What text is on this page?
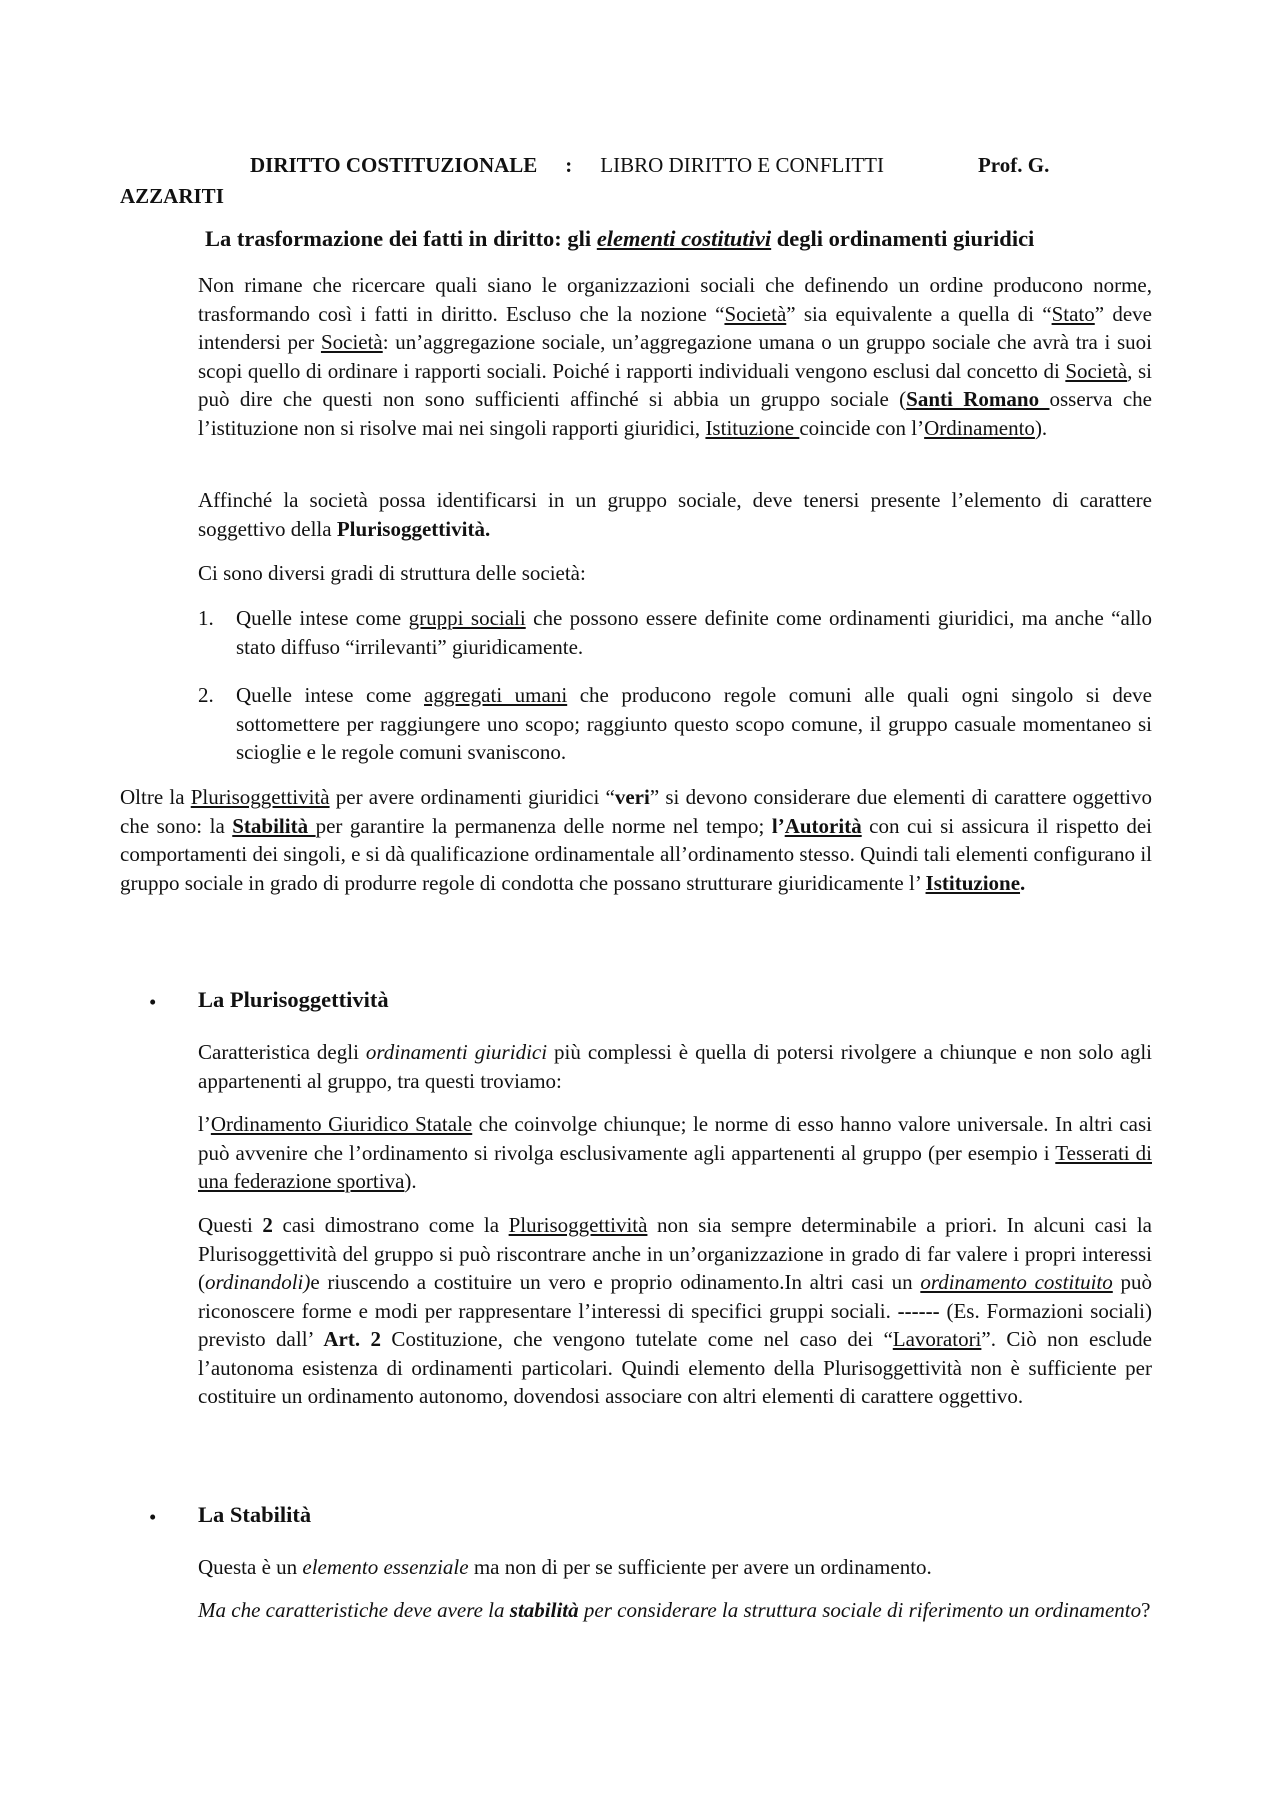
DIRITTO COSTITUZIONALE : LIBRO DIRITTO E CONFLITTI	Prof. G.
AZZARITI
La trasformazione dei fatti in diritto: gli elementi costitutivi degli ordinamenti giuridici
Non rimane che ricercare quali siano le organizzazioni sociali che definendo un ordine producono norme, trasformando così i fatti in diritto. Escluso che la nozione “Società” sia equivalente a quella di “Stato” deve intendersi per Società: un’aggregazione sociale, un’aggregazione umana o un gruppo sociale che avrà tra i suoi scopi quello di ordinare i rapporti sociali. Poiché i rapporti individuali vengono esclusi dal concetto di Società, si può dire che questi non sono sufficienti affinché si abbia un gruppo sociale (Santi Romano osserva che l’istituzione non si risolve mai nei singoli rapporti giuridici, Istituzione coincide con l’Ordinamento).
Affinché la società possa identificarsi in un gruppo sociale, deve tenersi presente l’elemento di carattere soggettivo della Plurisoggettività.
Ci sono diversi gradi di struttura delle società:
1. Quelle intese come gruppi sociali che possono essere definite come ordinamenti giuridici, ma anche “allo stato diffuso “irrilevanti” giuridicamente.
2. Quelle intese come aggregati umani che producono regole comuni alle quali ogni singolo si deve sottomettere per raggiungere uno scopo; raggiunto questo scopo comune, il gruppo casuale momentaneo si scioglie e le regole comuni svaniscono.
Oltre la Plurisoggettività per avere ordinamenti giuridici “veri” si devono considerare due elementi di carattere oggettivo che sono: la Stabilità per garantire la permanenza delle norme nel tempo; l’Autorità con cui si assicura il rispetto dei comportamenti dei singoli, e si dà qualificazione ordinamentale all’ordinamento stesso. Quindi tali elementi configurano il gruppo sociale in grado di produrre regole di condotta che possano strutturare giuridicamente l’ Istituzione.
• La Plurisoggettività
Caratteristica degli ordinamenti giuridici più complessi è quella di potersi rivolgere a chiunque e non solo agli appartenenti al gruppo, tra questi troviamo:
l’Ordinamento Giuridico Statale che coinvolge chiunque; le norme di esso hanno valore universale. In altri casi può avvenire che l’ordinamento si rivolga esclusivamente agli appartenenti al gruppo (per esempio i Tesserati di una federazione sportiva).
Questi 2 casi dimostrano come la Plurisoggettività non sia sempre determinabile a priori. In alcuni casi la Plurisoggettività del gruppo si può riscontrare anche in un’organizzazione in grado di far valere i propri interessi (ordinandoli)e riuscendo a costituire un vero e proprio odinamento.In altri casi un ordinamento costituito può riconoscere forme e modi per rappresentare l’interessi di specifici gruppi sociali. ------ (Es. Formazioni sociali) previsto dall’ Art. 2 Costituzione, che vengono tutelate come nel caso dei “Lavoratori”. Ciò non esclude l’autonoma esistenza di ordinamenti particolari. Quindi elemento della Plurisoggettività non è sufficiente per costituire un ordinamento autonomo, dovendosi associare con altri elementi di carattere oggettivo.
• La Stabilità
Questa è un elemento essenziale ma non di per se sufficiente per avere un ordinamento.
Ma che caratteristiche deve avere la stabilità per considerare la struttura sociale di riferimento un ordinamento?
